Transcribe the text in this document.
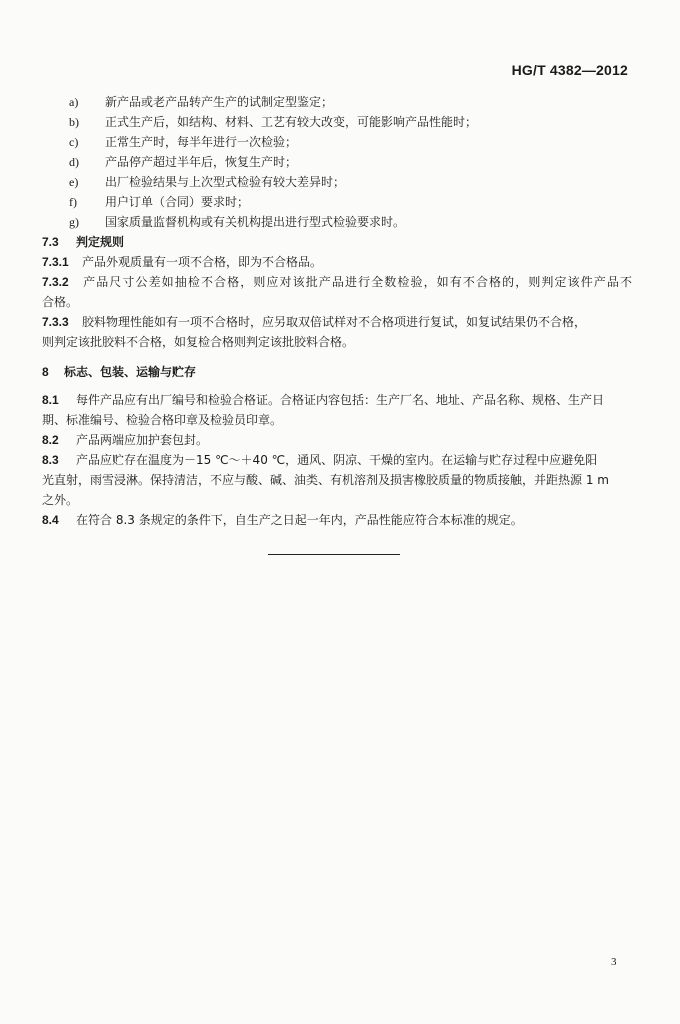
HG/T 4382—2012
a) 新产品或老产品转产生产的试制定型鉴定；
b) 正式生产后，如结构、材料、工艺有较大改变，可能影响产品性能时；
c) 正常生产时，每半年进行一次检验；
d) 产品停产超过半年后，恢复生产时；
e) 出厂检验结果与上次型式检验有较大差异时；
f) 用户订单（合同）要求时；
g) 国家质量监督机构或有关机构提出进行型式检验要求时。
7.3 判定规则
7.3.1 产品外观质量有一项不合格，即为不合格品。
7.3.2 产品尺寸公差如抽检不合格，则应对该批产品进行全数检验，如有不合格的，则判定该件产品不
合格。
7.3.3 胶料物理性能如有一项不合格时，应另取双倍试样对不合格项进行复试，如复试结果仍不合格，
则判定该批胶料不合格，如复检合格则判定该批胶料合格。
8 标志、包装、运输与贮存
8.1 每件产品应有出厂编号和检验合格证。合格证内容包括：生产厂名、地址、产品名称、规格、生产日
期、标准编号、检验合格印章及检验员印章。
8.2 产品两端应加护套包封。
8.3 产品应贮存在温度为－15 ℃～＋40 ℃，通风、阴凉、干燥的室内。在运输与贮存过程中应避免阳
光直射，雨雪浸淋。保持清洁，不应与酸、碱、油类、有机溶剂及损害橡胶质量的物质接触，并距热源 1 m
之外。
8.4 在符合 8.3 条规定的条件下，自生产之日起一年内，产品性能应符合本标准的规定。
3
